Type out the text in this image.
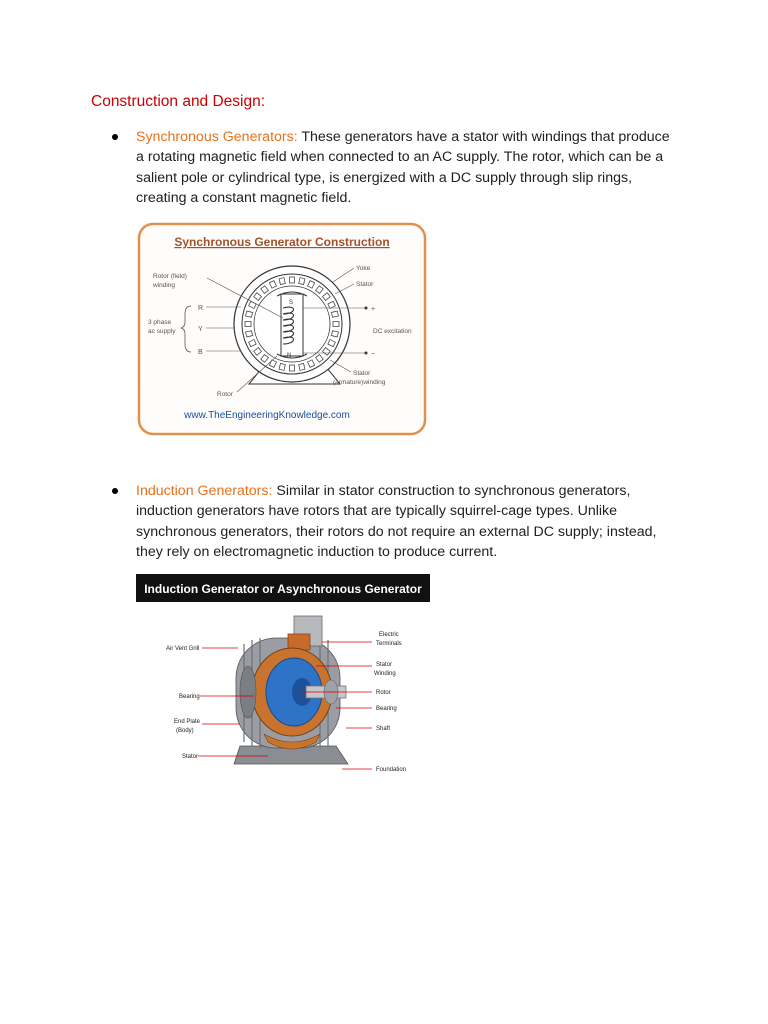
Construction and Design:
Synchronous Generators: These generators have a stator with windings that produce a rotating magnetic field when connected to an AC supply. The rotor, which can be a salient pole or cylindrical type, is energized with a DC supply through slip rings, creating a constant magnetic field.
Synchronous Generator Construction
S
N
Rotor (field)
winding
3 phase
ac supply
R
Y
B
Rotor
Yoke
Stator
+
DC excitation
−
Stator
(armature)winding
www.TheEngineeringKnowledge.com
Induction Generators: Similar in stator construction to synchronous generators, induction generators have rotors that are typically squirrel-cage types. Unlike synchronous generators, their rotors do not require an external DC supply; instead, they rely on electromagnetic induction to produce current.
Induction Generator or Asynchronous Generator
Air Vent Grill
Bearing
End Plate
(Body)
Stator
Electric
Terminals
Stator
Winding
Rotor
Bearing
Shaft
Foundation
